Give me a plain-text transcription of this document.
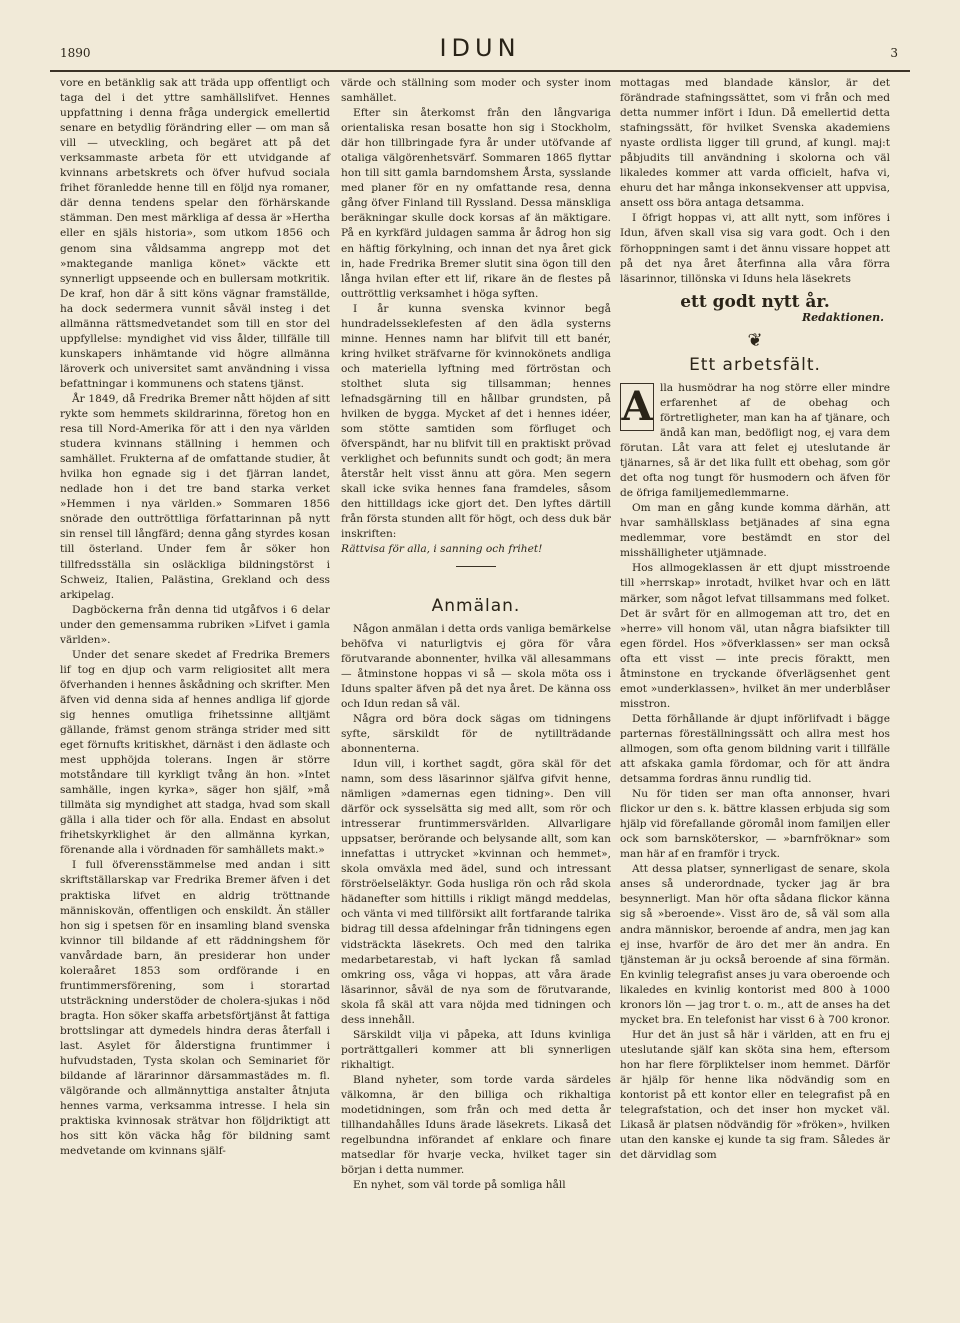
1890	IDUN	3

vore en betänklig sak att träda upp offentligt och taga del i det yttre samhällslifvet. Hennes uppfattning i denna fråga undergick emellertid senare en betydlig förändring eller — om man så vill — utveckling, och begäret att på det verksammaste arbeta för ett utvidgande af kvinnans arbetskrets och öfver hufvud sociala frihet föranledde henne till en följd nya romaner, där denna tendens spelar den förhärskande stämman. Den mest märkliga af dessa är »Hertha eller en själs historia», som utkom 1856 och genom sina våldsamma angrepp mot det »maktegande manliga könet» väckte ett synnerligt uppseende och en bullersam motkritik. De kraf, hon där å sitt köns vägnar framställde, ha dock sedermera vunnit såväl insteg i det allmänna rättsmedvetandet som till en stor del uppfyllelse: myndighet vid viss ålder, tillfälle till kunskapers inhämtande vid högre allmänna läroverk och universitet samt användning i vissa befattningar i kommunens och statens tjänst.

År 1849, då Fredrika Bremer nått höjden af sitt rykte som hemmets skildrarinna, företog hon en resa till Nord-Amerika för att i den nya världen studera kvinnans ställning i hemmen och samhället. Frukterna af de omfattande studier, åt hvilka hon egnade sig i det fjärran landet, nedlade hon i det tre band starka verket »Hemmen i nya världen.» Sommaren 1856 snörade den outtröttliga författarinnan på nytt sin rensel till långfärd; denna gång styrdes kosan till österland. Under fem år söker hon tillfredsställa sin osläckliga bildningstörst i Schweiz, Italien, Palästina, Grekland och dess arkipelag.

Dagböckerna från denna tid utgåfvos i 6 delar under den gemensamma rubriken »Lifvet i gamla världen».

Under det senare skedet af Fredrika Bremers lif tog en djup och varm religiositet allt mera öfverhanden i hennes åskådning och skrifter. Men äfven vid denna sida af hennes andliga lif gjorde sig hennes omutliga frihetssinne alltjämt gällande, främst genom stränga strider med sitt eget förnufts kritiskhet, därnäst i den ädlaste och mest upphöjda tolerans. Ingen är större motståndare till kyrkligt tvång än hon. »Intet samhälle, ingen kyrka», säger hon själf, »må tillmäta sig myndighet att stadga, hvad som skall gälla i alla tider och för alla. Endast en absolut frihetskyrklighet är den allmänna kyrkan, förenande alla i vördnaden för samhällets makt.»

I full öfverensstämmelse med andan i sitt skriftställarskap var Fredrika Bremer äfven i det praktiska lifvet en aldrig tröttnande människovän, offentligen och enskildt. Än ställer hon sig i spetsen för en insamling bland svenska kvinnor till bildande af ett räddningshem för vanvårdade barn, än presiderar hon under koleraåret 1853 som ordförande i en fruntimmersförening, som i storartad utsträckning understöder de cholera-sjukas i nöd bragta. Hon söker skaffa arbetsförtjänst åt fattiga brottslingar att dymedels hindra deras återfall i last. Asylet för ålderstigna fruntimmer i hufvudstaden, Tysta skolan och Seminariet för bildande af lärarinnor därsammastädes m. fl. välgörande och allmännyttiga anstalter åtnjuta hennes varma, verksamma intresse. I hela sin praktiska kvinnosak strätvar hon följdriktigt att hos sitt kön väcka håg för bildning samt medvetande om kvinnans själf-

värde och ställning som moder och syster inom samhället.

Efter sin återkomst från den långvariga orientaliska resan bosatte hon sig i Stockholm, där hon tillbringade fyra år under utöfvande af otaliga välgörenhetsvärf. Sommaren 1865 flyttar hon till sitt gamla barndomshem Årsta, sysslande med planer för en ny omfattande resa, denna gång öfver Finland till Ryssland. Dessa mänskliga beräkningar skulle dock korsas af än mäktigare. På en kyrkfärd juldagen samma år ådrog hon sig en häftig förkylning, och innan det nya året gick in, hade Fredrika Bremer slutit sina ögon till den långa hvilan efter ett lif, rikare än de flestes på outtröttlig verksamhet i höga syften.

I år kunna svenska kvinnor begå hundradelsseklefesten af den ädla systerns minne. Hennes namn har blifvit till ett banér, kring hvilket sträfvarne för kvinnokönets andliga och materiella lyftning med förtröstan och stolthet sluta sig tillsamman; hennes lefnadsgärning till en hållbar grundsten, på hvilken de bygga. Mycket af det i hennes idéer, som stötte samtiden som förfluget och öfverspändt, har nu blifvit till en praktiskt prövad verklighet och befunnits sundt och godt; än mera återstår helt visst ännu att göra. Men segern skall icke svika hennes fana framdeles, såsom den hittilldags icke gjort det. Den lyftes därtill från första stunden allt för högt, och dess duk bär inskriften:

Rättvisa för alla, i sanning och frihet!

Anmälan.

Någon anmälan i detta ords vanliga bemärkelse behöfva vi naturligtvis ej göra för våra förutvarande abonnenter, hvilka väl allesammans — åtminstone hoppas vi så — skola möta oss i Iduns spalter äfven på det nya året. De känna oss och Idun redan så väl.

Några ord böra dock sägas om tidningens syfte, särskildt för de nytillträdande abonnenterna.

Idun vill, i korthet sagdt, göra skäl för det namn, som dess läsarinnor själfva gifvit henne, nämligen »damernas egen tidning». Den vill därför ock sysselsätta sig med allt, som rör och intresserar fruntimmersvärlden. Allvarligare uppsatser, berörande och belysande allt, som kan innefattas i uttrycket »kvinnan och hemmet», skola omväxla med ädel, sund och intressant förströelseläktyr. Goda husliga rön och råd skola hädanefter som hittills i rikligt mängd meddelas, och vänta vi med tillförsikt allt fortfarande talrika bidrag till dessa afdelningar från tidningens egen vidsträckta läsekrets. Och med den talrika medarbetarestab, vi haft lyckan få samlad omkring oss, våga vi hoppas, att våra ärade läsarinnor, såväl de nya som de förutvarande, skola få skäl att vara nöjda med tidningen och dess innehåll.

Särskildt vilja vi påpeka, att Iduns kvinliga porträttgalleri kommer att bli synnerligen rikhaltigt.

Bland nyheter, som torde varda särdeles välkomna, är den billiga och rikhaltiga modetidningen, som från och med detta år tillhandahålles Iduns ärade läsekrets. Likaså det regelbundna införandet af enklare och finare matsedlar för hvarje vecka, hvilket tager sin början i detta nummer.

En nyhet, som väl torde på somliga håll

mottagas med blandade känslor, är det förändrade stafningssättet, som vi från och med detta nummer infört i Idun. Då emellertid detta stafningssätt, för hvilket Svenska akademiens nyaste ordlista ligger till grund, af kungl. maj:t påbjudits till användning i skolorna och väl likaledes kommer att varda officielt, hafva vi, ehuru det har många inkonsekvenser att uppvisa, ansett oss böra antaga detsamma.

I öfrigt hoppas vi, att allt nytt, som införes i Idun, äfven skall visa sig vara godt. Och i den förhoppningen samt i det ännu vissare hoppet att på det nya året återfinna alla våra förra läsarinnor, tillönska vi Iduns hela läsekrets

ett godt nytt år.
Redaktionen.
❦
Ett arbetsfält.

A lla husmödrar ha nog större eller mindre erfarenhet af de obehag och förtretligheter, man kan ha af tjänare, och ändå kan man, bedöfligt nog, ej vara dem förutan. Låt vara att felet ej uteslutande är tjänarnes, så är det lika fullt ett obehag, som gör det ofta nog tungt för husmodern och äfven för de öfriga familjemedlemmarne.

Om man en gång kunde komma därhän, att hvar samhällsklass betjänades af sina egna medlemmar, vore bestämdt en stor del misshälligheter utjämnade.

Hos allmogeklassen är ett djupt misstroende till »herrskap» inrotadt, hvilket hvar och en lätt märker, som något lefvat tillsammans med folket. Det är svårt för en allmogeman att tro, det en »herre» vill honom väl, utan några biafsikter till egen fördel. Hos »öfverklassen» ser man också ofta ett visst — inte precis föraktt, men åtminstone en tryckande öfverlägsenhet gent emot »underklassen», hvilket än mer underblåser misstron.

Detta förhållande är djupt införlifvadt i bägge parternas föreställningssätt och allra mest hos allmogen, som ofta genom bildning varit i tillfälle att afskaka gamla fördomar, och för att ändra detsamma fordras ännu rundlig tid.

Nu för tiden ser man ofta annonser, hvari flickor ur den s. k. bättre klassen erbjuda sig som hjälp vid förefallande göromål inom familjen eller ock som barnsköterskor, — »barnfröknar» som man här af en framför i tryck.

Att dessa platser, synnerligast de senare, skola anses så underordnade, tycker jag är bra besynnerligt. Man hör ofta sådana flickor känna sig så »beroende». Visst äro de, så väl som alla andra människor, beroende af andra, men jag kan ej inse, hvarför de äro det mer än andra. En tjänsteman är ju också beroende af sina förmän. En kvinlig telegrafist anses ju vara oberoende och likaledes en kvinlig kontorist med 800 à 1000 kronors lön — jag tror t. o. m., att de anses ha det mycket bra. En telefonist har visst 6 à 700 kronor.

Hur det än just så här i världen, att en fru ej uteslutande själf kan sköta sina hem, eftersom hon har flere förpliktelser inom hemmet. Därför är hjälp för henne lika nödvändig som en kontorist på ett kontor eller en telegrafist på en telegrafstation, och det inser hon mycket väl. Likaså är platsen nödvändig för »fröken», hvilken utan den kanske ej kunde ta sig fram. Således är det därvidlag som
